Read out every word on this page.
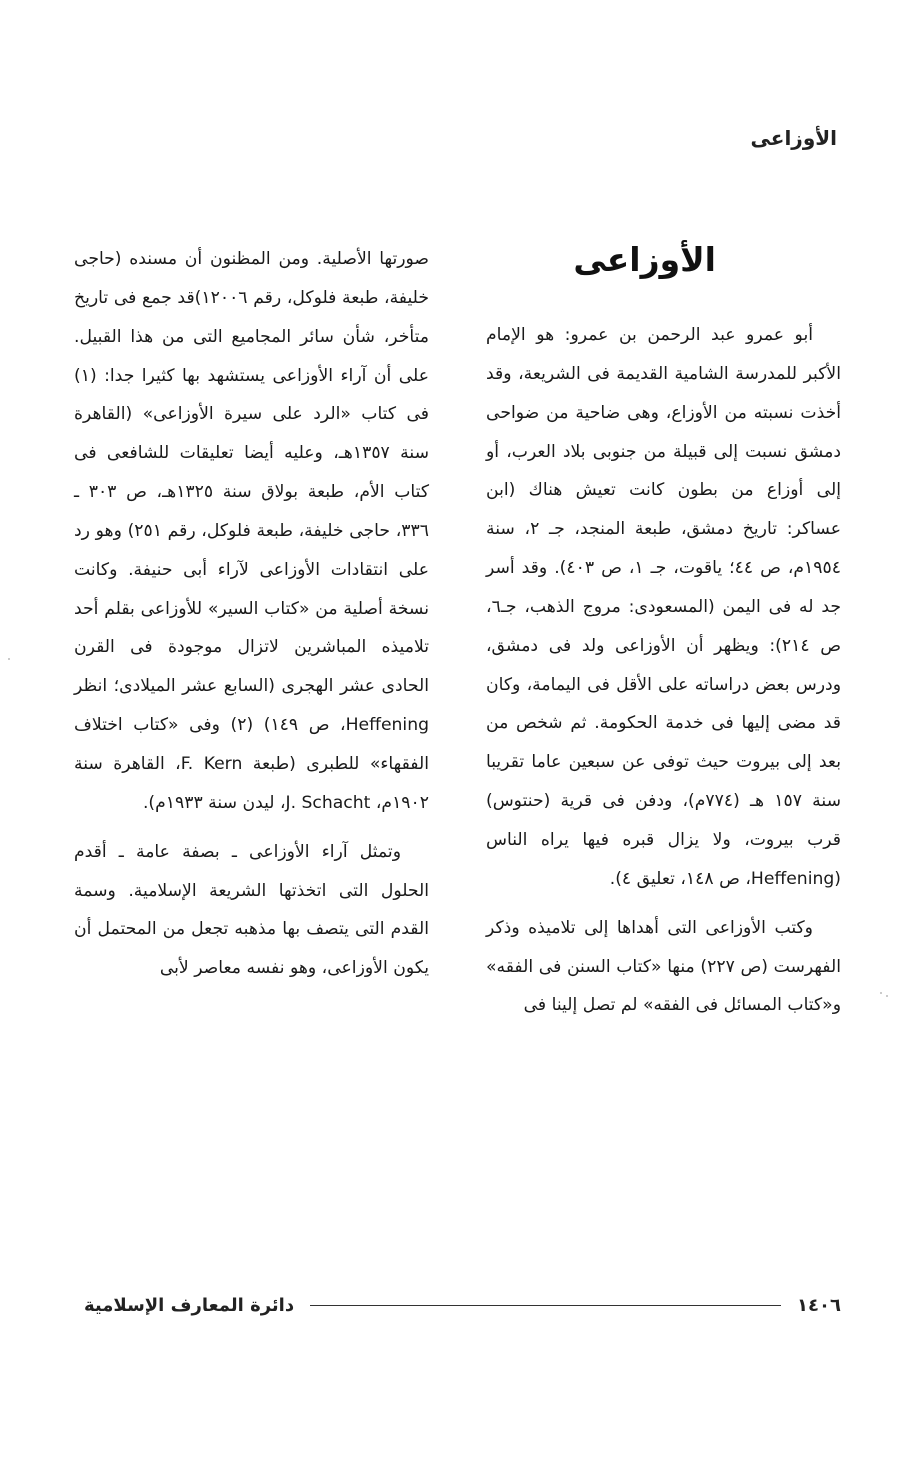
الأوزاعى
الأوزاعى

أبو عمرو عبد الرحمن بن عمرو: هو الإمام الأكبر للمدرسة الشامية القديمة فى الشريعة، وقد أخذت نسبته من الأوزاع، وهى ضاحية من ضواحى دمشق نسبت إلى قبيلة من جنوبى بلاد العرب، أو إلى أوزاع من بطون كانت تعيش هناك (ابن عساكر: تاريخ دمشق، طبعة المنجد، جـ ٢، سنة ١٩٥٤م، ص ٤٤؛ ياقوت، جـ ١، ص ٤٠٣). وقد أسر جد له فى اليمن (المسعودى: مروج الذهب، جـ٦، ص ٢١٤): ويظهر أن الأوزاعى ولد فى دمشق، ودرس بعض دراساته على الأقل فى اليمامة، وكان قد مضى إليها فى خدمة الحكومة. ثم شخص من بعد إلى بيروت حيث توفى عن سبعين عاما تقريبا سنة ١٥٧ هـ (٧٧٤م)، ودفن فى قرية (حنتوس) قرب بيروت، ولا يزال قبره فيها يراه الناس (Heffening، ص ١٤٨، تعليق ٤).

وكتب الأوزاعى التى أهداها إلى تلاميذه وذكر الفهرست (ص ٢٢٧) منها «كتاب السنن فى الفقه» و«كتاب المسائل فى الفقه» لم تصل إلينا فى

صورتها الأصلية. ومن المظنون أن مسنده (حاجى خليفة، طبعة فلوكل، رقم ١٢٠٠٦)قد جمع فى تاريخ متأخر، شأن سائر المجاميع التى من هذا القبيل. على أن آراء الأوزاعى يستشهد بها كثيرا جدا: (١) فى كتاب «الرد على سيرة الأوزاعى» (القاهرة سنة ١٣٥٧هـ، وعليه أيضا تعليقات للشافعى فى كتاب الأم، طبعة بولاق سنة ١٣٢٥هـ، ص ٣٠٣ ـ ٣٣٦، حاجى خليفة، طبعة فلوكل، رقم ٢٥١) وهو رد على انتقادات الأوزاعى لآراء أبى حنيفة. وكانت نسخة أصلية من «كتاب السير» للأوزاعى بقلم أحد تلاميذه المباشرين لاتزال موجودة فى القرن الحادى عشر الهجرى (السابع عشر الميلادى؛ انظر Heffening، ص ١٤٩) (٢) وفى «كتاب اختلاف الفقهاء» للطبرى (طبعة F. Kern، القاهرة سنة ١٩٠٢م، J. Schacht، ليدن سنة ١٩٣٣م).

وتمثل آراء الأوزاعى ـ بصفة عامة ـ أقدم الحلول التى اتخذتها الشريعة الإسلامية. وسمة القدم التى يتصف بها مذهبه تجعل من المحتمل أن يكون الأوزاعى، وهو نفسه معاصر لأبى

١٤٠٦
دائرة المعارف الإسلامية
